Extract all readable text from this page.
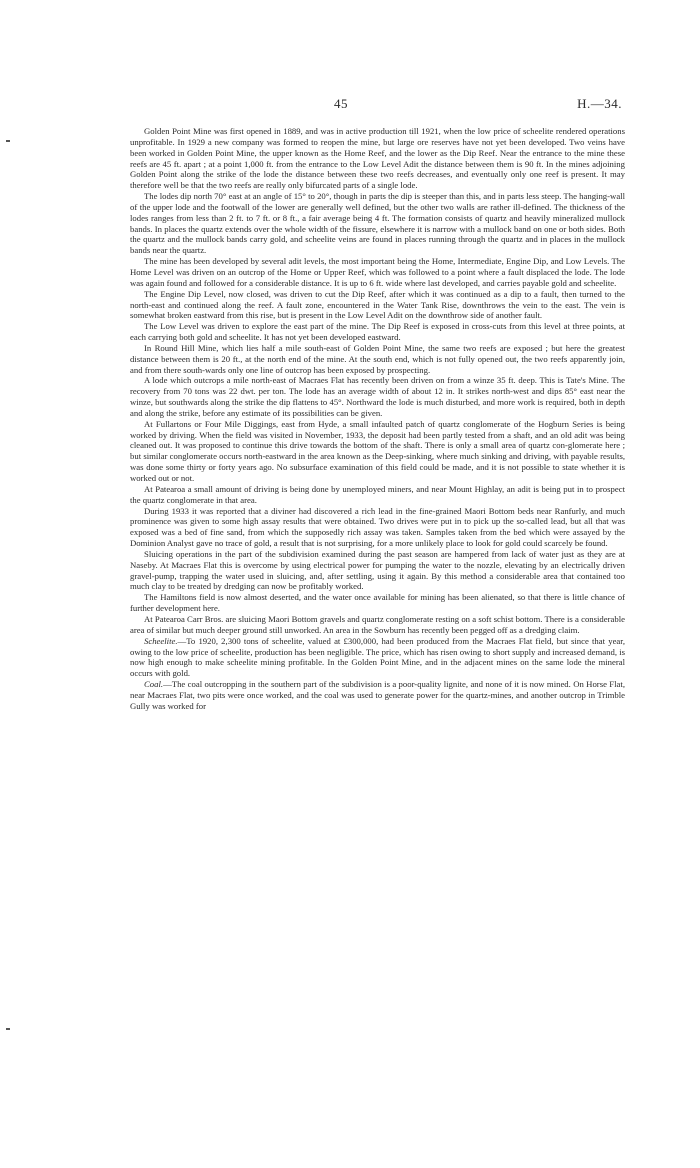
45	H.—34.

Golden Point Mine was first opened in 1889, and was in active production till 1921, when the low price of scheelite rendered operations unprofitable. In 1929 a new company was formed to reopen the mine, but large ore reserves have not yet been developed. Two veins have been worked in Golden Point Mine, the upper known as the Home Reef, and the lower as the Dip Reef. Near the entrance to the mine these reefs are 45 ft. apart ; at a point 1,000 ft. from the entrance to the Low Level Adit the distance between them is 90 ft. In the mines adjoining Golden Point along the strike of the lode the distance between these two reefs decreases, and eventually only one reef is present. It may therefore well be that the two reefs are really only bifurcated parts of a single lode.

The lodes dip north 70° east at an angle of 15° to 20°, though in parts the dip is steeper than this, and in parts less steep. The hanging-wall of the upper lode and the footwall of the lower are generally well defined, but the other two walls are rather ill-defined. The thickness of the lodes ranges from less than 2 ft. to 7 ft. or 8 ft., a fair average being 4 ft. The formation consists of quartz and heavily mineralized mullock bands. In places the quartz extends over the whole width of the fissure, elsewhere it is narrow with a mullock band on one or both sides. Both the quartz and the mullock bands carry gold, and scheelite veins are found in places running through the quartz and in places in the mullock bands near the quartz.

The mine has been developed by several adit levels, the most important being the Home, Intermediate, Engine Dip, and Low Levels. The Home Level was driven on an outcrop of the Home or Upper Reef, which was followed to a point where a fault displaced the lode. The lode was again found and followed for a considerable distance. It is up to 6 ft. wide where last developed, and carries payable gold and scheelite.

The Engine Dip Level, now closed, was driven to cut the Dip Reef, after which it was continued as a dip to a fault, then turned to the north-east and continued along the reef. A fault zone, encountered in the Water Tank Rise, downthrows the vein to the east. The vein is somewhat broken eastward from this rise, but is present in the Low Level Adit on the downthrow side of another fault.

The Low Level was driven to explore the east part of the mine. The Dip Reef is exposed in cross-cuts from this level at three points, at each carrying both gold and scheelite. It has not yet been developed eastward.

In Round Hill Mine, which lies half a mile south-east of Golden Point Mine, the same two reefs are exposed ; but here the greatest distance between them is 20 ft., at the north end of the mine. At the south end, which is not fully opened out, the two reefs apparently join, and from there south-wards only one line of outcrop has been exposed by prospecting.

A lode which outcrops a mile north-east of Macraes Flat has recently been driven on from a winze 35 ft. deep. This is Tate's Mine. The recovery from 70 tons was 22 dwt. per ton. The lode has an average width of about 12 in. It strikes north-west and dips 85° east near the winze, but southwards along the strike the dip flattens to 45°. Northward the lode is much disturbed, and more work is required, both in depth and along the strike, before any estimate of its possibilities can be given.

At Fullartons or Four Mile Diggings, east from Hyde, a small infaulted patch of quartz conglomerate of the Hogburn Series is being worked by driving. When the field was visited in November, 1933, the deposit had been partly tested from a shaft, and an old adit was being cleaned out. It was proposed to continue this drive towards the bottom of the shaft. There is only a small area of quartz con-glomerate here ; but similar conglomerate occurs north-eastward in the area known as the Deep-sinking, where much sinking and driving, with payable results, was done some thirty or forty years ago. No subsurface examination of this field could be made, and it is not possible to state whether it is worked out or not.

At Patearoa a small amount of driving is being done by unemployed miners, and near Mount Highlay, an adit is being put in to prospect the quartz conglomerate in that area.

During 1933 it was reported that a diviner had discovered a rich lead in the fine-grained Maori Bottom beds near Ranfurly, and much prominence was given to some high assay results that were obtained. Two drives were put in to pick up the so-called lead, but all that was exposed was a bed of fine sand, from which the supposedly rich assay was taken. Samples taken from the bed which were assayed by the Dominion Analyst gave no trace of gold, a result that is not surprising, for a more unlikely place to look for gold could scarcely be found.

Sluicing operations in the part of the subdivision examined during the past season are hampered from lack of water just as they are at Naseby. At Macraes Flat this is overcome by using electrical power for pumping the water to the nozzle, elevating by an electrically driven gravel-pump, trapping the water used in sluicing, and, after settling, using it again. By this method a considerable area that contained too much clay to be treated by dredging can now be profitably worked.

The Hamiltons field is now almost deserted, and the water once available for mining has been alienated, so that there is little chance of further development here.

At Patearoa Carr Bros. are sluicing Maori Bottom gravels and quartz conglomerate resting on a soft schist bottom. There is a considerable area of similar but much deeper ground still unworked. An area in the Sowburn has recently been pegged off as a dredging claim.

Scheelite.—To 1920, 2,300 tons of scheelite, valued at £300,000, had been produced from the Macraes Flat field, but since that year, owing to the low price of scheelite, production has been negligible. The price, which has risen owing to short supply and increased demand, is now high enough to make scheelite mining profitable. In the Golden Point Mine, and in the adjacent mines on the same lode the mineral occurs with gold.

Coal.—The coal outcropping in the southern part of the subdivision is a poor-quality lignite, and none of it is now mined. On Horse Flat, near Macraes Flat, two pits were once worked, and the coal was used to generate power for the quartz-mines, and another outcrop in Trimble Gully was worked for
